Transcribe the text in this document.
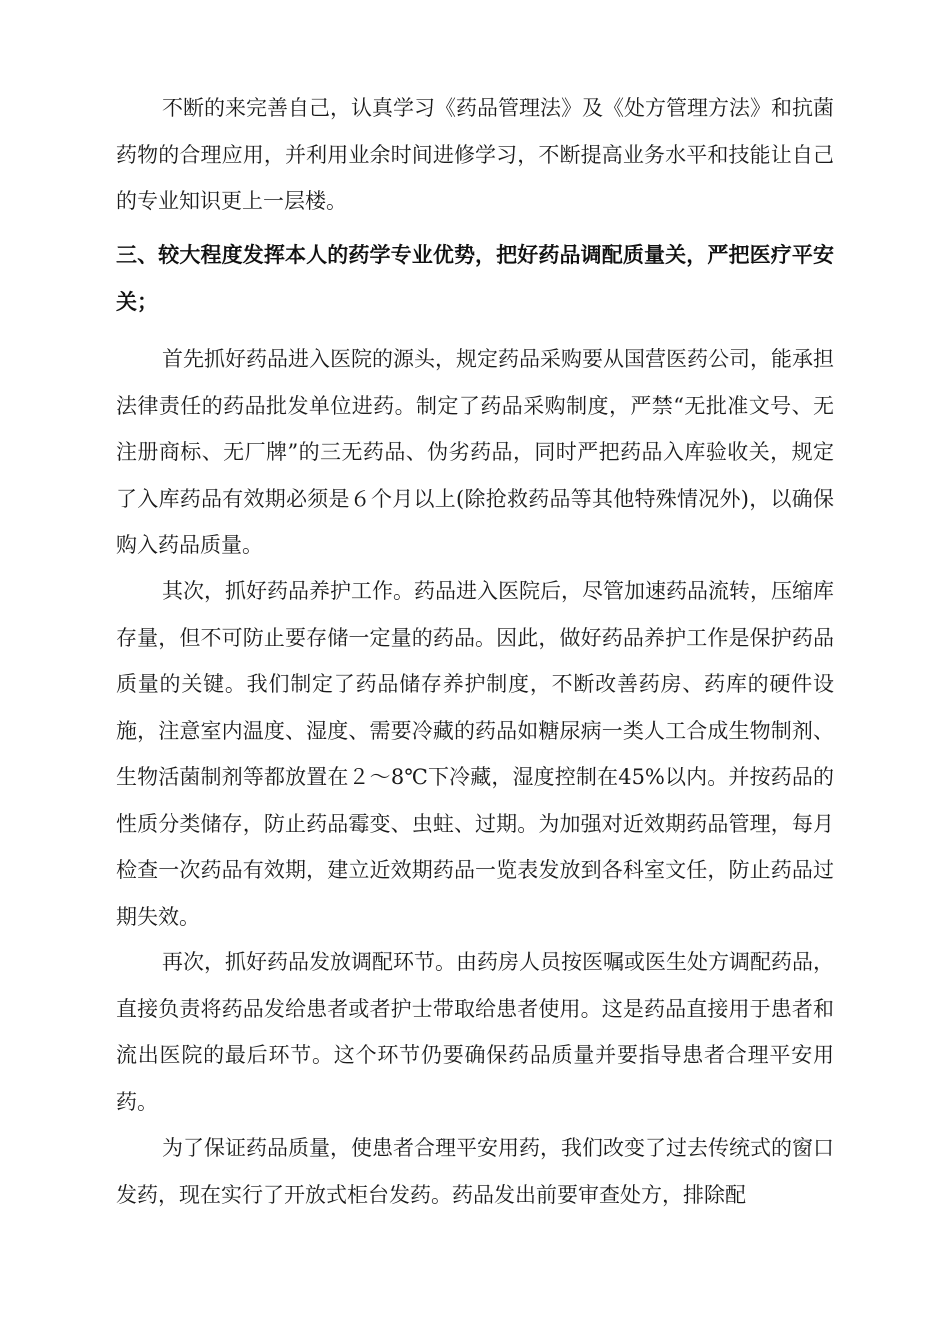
不断的来完善自己，认真学习《药品管理法》及《处方管理方法》和抗菌药物的合理应用，并利用业余时间进修学习，不断提高业务水平和技能让自己的专业知识更上一层楼。

三、较大程度发挥本人的药学专业优势，把好药品调配质量关，严把医疗平安关；

首先抓好药品进入医院的源头，规定药品采购要从国营医药公司，能承担法律责任的药品批发单位进药。制定了药品采购制度，严禁“无批准文号、无注册商标、无厂牌”的三无药品、伪劣药品，同时严把药品入库验收关，规定了入库药品有效期必须是６个月以上(除抢救药品等其他特殊情况外)，以确保购入药品质量。

其次，抓好药品养护工作。药品进入医院后，尽管加速药品流转，压缩库存量，但不可防止要存储一定量的药品。因此，做好药品养护工作是保护药品质量的关键。我们制定了药品储存养护制度，不断改善药房、药库的硬件设施，注意室内温度、湿度、需要冷藏的药品如糖尿病一类人工合成生物制剂、生物活菌制剂等都放置在２～8℃下冷藏，湿度控制在45%以内。并按药品的性质分类储存，防止药品霉变、虫蛀、过期。为加强对近效期药品管理，每月检查一次药品有效期，建立近效期药品一览表发放到各科室文任，防止药品过期失效。

再次，抓好药品发放调配环节。由药房人员按医嘱或医生处方调配药品，直接负责将药品发给患者或者护士带取给患者使用。这是药品直接用于患者和流出医院的最后环节。这个环节仍要确保药品质量并要指导患者合理平安用药。

为了保证药品质量，使患者合理平安用药，我们改变了过去传统式的窗口发药，现在实行了开放式柜台发药。药品发出前要审查处方，排除配
